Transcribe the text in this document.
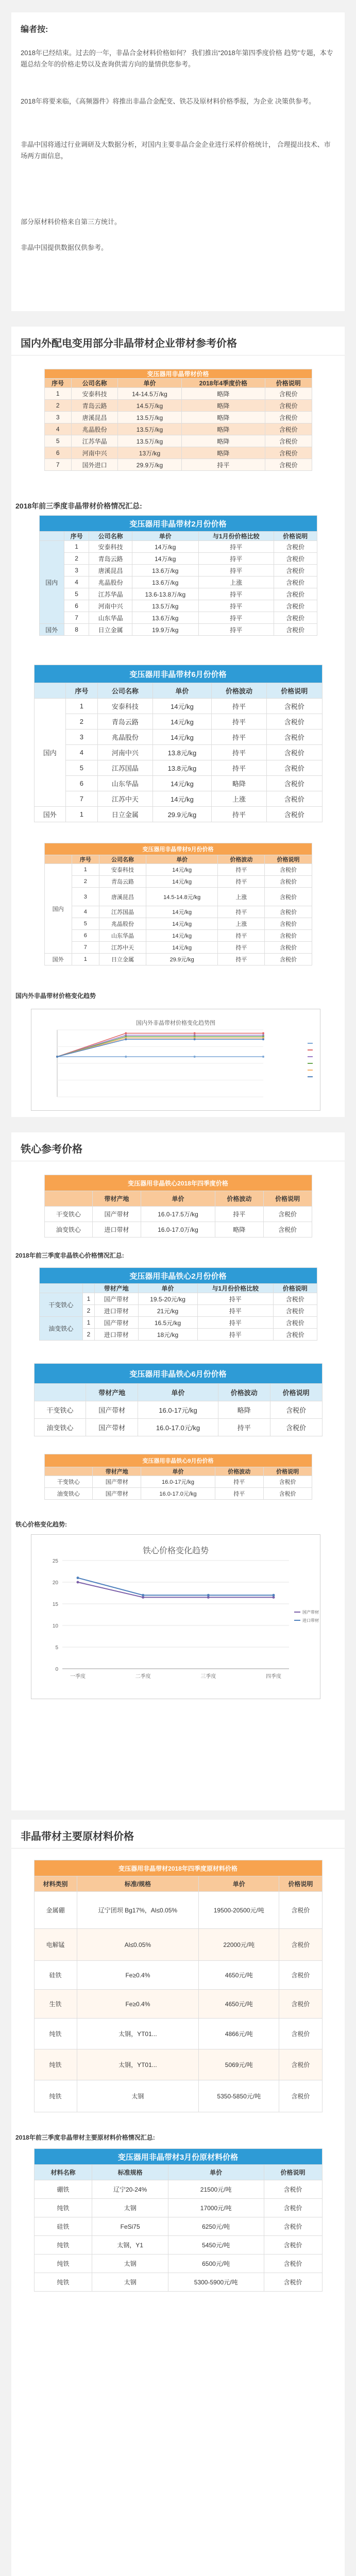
编者按:

2018年已经结束。过去的一年，非晶合金材料价格如何？ 我们推出“2018年第四季度价格 趋势”专题，本专题总结全年的价格走势以及查询供需方向的量情供您参考。

2018年将要来临，《高频器件》将推出非晶合金配变、铁芯及原材料价格季报，为企业 决策供参考。

非晶中国将通过行业调研及大数据分析，对国内主要非晶合金企业进行采样价格统计， 合理提出技术、市场两方面信息，

部分原材料价格来自第三方统计。

非晶中国提供数据仅供参考。

国内外配电变用部分非晶带材企业带材参考价格
变压器用非晶带材价格				
序号	公司名称	单价	2018年4季度价格	价格说明
1	安泰科技	14-14.5万/kg	略降	含税价
2	青岛云路	14.5万/kg	略降	含税价
3	唐溪昆昌	13.5万/kg	略降	含税价
4	兆晶股份	13.5万/kg	略降	含税价
5	江苏华晶	13.5万/kg	略降	含税价
6	河南中兴	13万/kg	略降	含税价
7	国外进口	29.9万/kg	持平	含税价
2018年前三季度非晶带材价格情况汇总:
变压器用非晶带材2月份价格					
	序号	公司名称	单价	与1月份价格比较	价格说明
国内	1	安泰科技	14万/kg	持平	含税价
	2	青岛云路	14万/kg	持平	含税价
	3	唐溪昆昌	13.6万/kg	持平	含税价
	4	兆晶股份	13.6万/kg	上涨	含税价
	5	江苏华晶	13.6-13.8万/kg	持平	含税价
	6	河南中兴	13.5万/kg	持平	含税价
	7	山东华晶	13.6万/kg	持平	含税价
国外	8	日立金属	19.9万/kg	持平	含税价
变压器用非晶带材6月份价格					
	序号	公司名称	单价	价格波动	价格说明
国内	1	安泰科技	14元/kg	持平	含税价
	2	青岛云路	14元/kg	持平	含税价
	3	兆晶股份	14元/kg	持平	含税价
	4	河南中兴	13.8元/kg	持平	含税价
	5	江苏国晶	13.8元/kg	持平	含税价
	6	山东华晶	14元/kg	略降	含税价
	7	江苏中天	14元/kg	上涨	含税价
国外	1	日立金属	29.9元/kg	持平	含税价
变压器用非晶带材9月份价格					
	序号	公司名称	单价	价格波动	价格说明
国内	1	安泰科技	14元/kg	持平	含税价
	2	青岛云路	14元/kg	持平	含税价
	3	唐溪昆昌	14.5-14.8元/kg	上涨	含税价
	4	江苏国晶	14元/kg	持平	含税价
	5	兆晶股份	14元/kg	上涨	含税价
	6	山东华晶	14元/kg	持平	含税价
	7	江苏中天	14元/kg	持平	含税价
国外	1	日立金属	29.9元/kg	持平	含税价
国内外非晶带材价格变化趋势
国内外非晶带材价格变化趋势图
铁心参考价格
变压器用非晶铁心2018年四季度价格				
	带材产地	单价	价格波动	价格说明
干变铁心	国产带材	16.0-17.5万/kg	持平	含税价
油变铁心	进口带材	16.0-17.0万/kg	略降	含税价
2018年前三季度非晶铁心价格情况汇总:
变压器用非晶铁心2月份价格					
		带材产地	单价	与1月份价格比较	价格说明
干变铁心	1	国产带材	19.5-20元/kg	持平	含税价
	2	进口带材	21元/kg	持平	含税价
油变铁心	1	国产带材	16.5元/kg	持平	含税价
	2	进口带材	18元/kg	持平	含税价
变压器用非晶铁心6月份价格				
	带材产地	单价	价格波动	价格说明
干变铁心	国产带材	16.0-17元/kg	略降	含税价
油变铁心	国产带材	16.0-17.0元/kg	持平	含税价
变压器用非晶铁心9月份价格				
	带材产地	单价	价格波动	价格说明
干变铁心	国产带材	16.0-17元/kg	持平	含税价
油变铁心	国产带材	16.0-17.0元/kg	持平	含税价
铁心价格变化趋势:
铁心价格变化趋势
0
5
10
15
20
25
一季度	二季度	三季度	四季度
国产带材
进口带材
非晶带材主要原材料价格
变压器用非晶带材2018年四季度原材料价格			
材料类别	标准/规格	单价	价格说明
金属硼	辽宁团坝 Bg17%，Al≤0.05%	19500-20500元/吨	含税价
电解锰	Al≤0.05%	22000元/吨	含税价
硅铁	Fe≥0.4%	4650元/吨	含税价
生铁	Fe≥0.4%	4650元/吨	含税价
纯铁	太钢，YT01...	4866元/吨	含税价
纯铁	太钢，YT01...	5069元/吨	含税价
纯铁	太钢	5350-5850元/吨	含税价
2018年前三季度非晶带材主要原材料价格情况汇总:
变压器用非晶带材3月份原材料价格			
材料名称	标准规格	单价	价格说明
硼铁	辽宁20-24%	21500元/吨	含税价
纯铁	太钢	17000元/吨	含税价
硅铁	FeSi75	6250元/吨	含税价
纯铁	太钢，Y1	5450元/吨	含税价
纯铁	太钢	6500元/吨	含税价
纯铁	太钢	5300-5900元/吨	含税价
